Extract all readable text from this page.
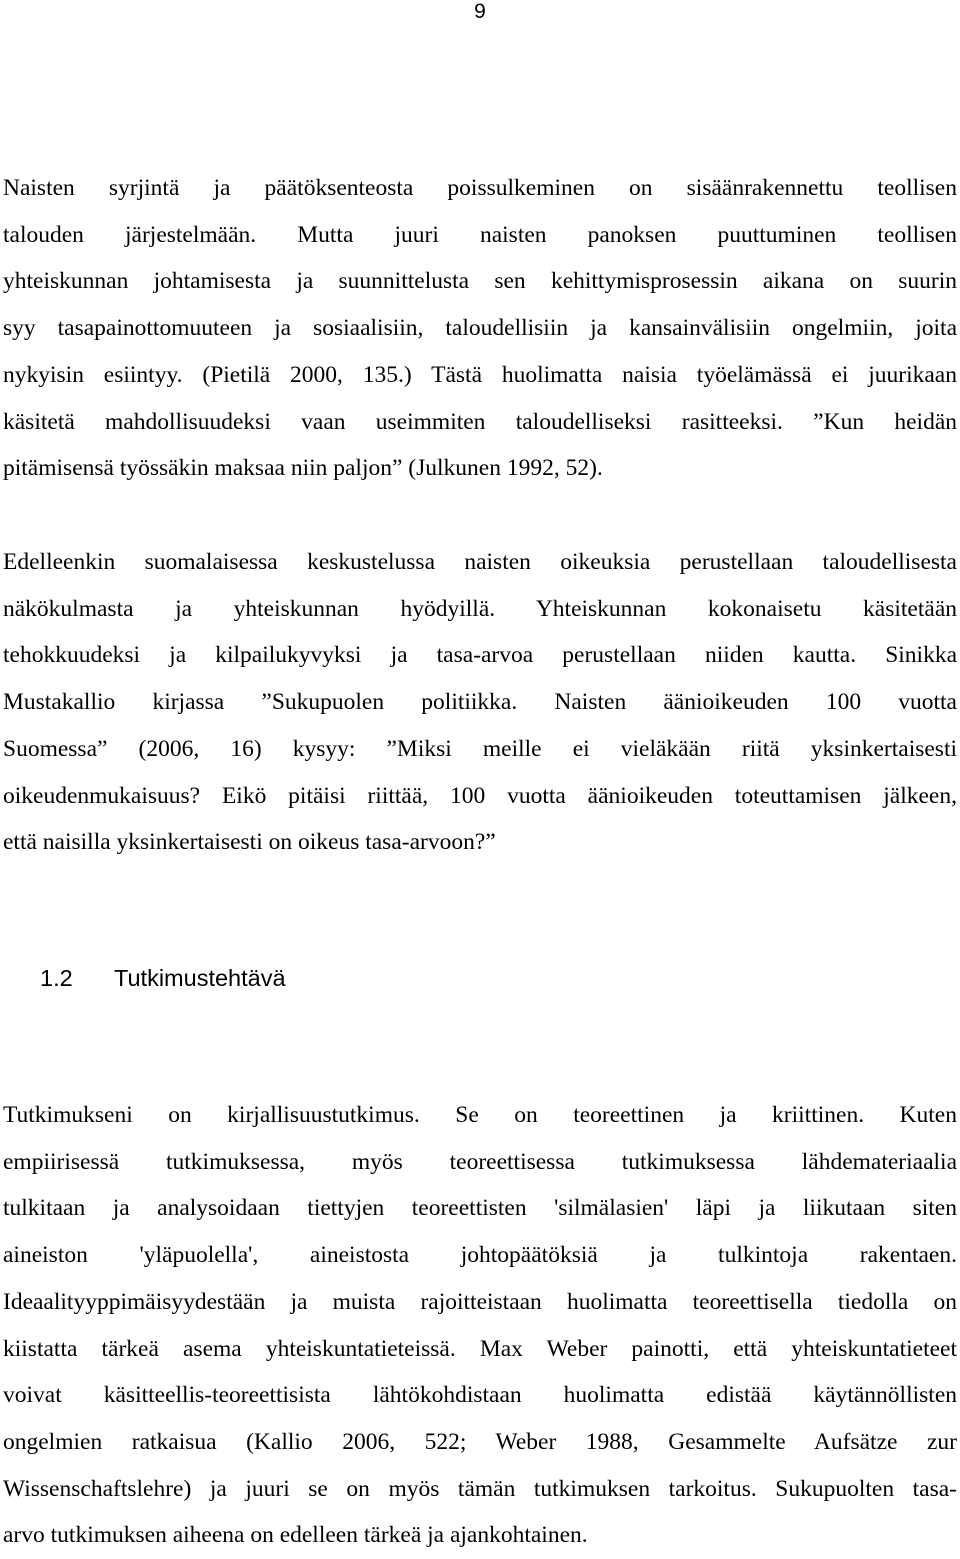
9

Naisten syrjintä ja päätöksenteosta poissulkeminen on sisäänrakennettu teollisen
talouden järjestelmään. Mutta juuri naisten panoksen puuttuminen teollisen
yhteiskunnan johtamisesta ja suunnittelusta sen kehittymisprosessin aikana on suurin
syy tasapainottomuuteen ja sosiaalisiin, taloudellisiin ja kansainvälisiin ongelmiin, joita
nykyisin esiintyy. (Pietilä 2000, 135.) Tästä huolimatta naisia työelämässä ei juurikaan
käsitetä mahdollisuudeksi vaan useimmiten taloudelliseksi rasitteeksi. ”Kun heidän
pitämisensä työssäkin maksaa niin paljon” (Julkunen 1992, 52).

Edelleenkin suomalaisessa keskustelussa naisten oikeuksia perustellaan taloudellisesta
näkökulmasta ja yhteiskunnan hyödyillä. Yhteiskunnan kokonaisetu käsitetään
tehokkuudeksi ja kilpailukyvyksi ja tasa-arvoa perustellaan niiden kautta. Sinikka
Mustakallio kirjassa ”Sukupuolen politiikka. Naisten äänioikeuden 100 vuotta
Suomessa” (2006, 16) kysyy: ”Miksi meille ei vieläkään riitä yksinkertaisesti
oikeudenmukaisuus? Eikö pitäisi riittää, 100 vuotta äänioikeuden toteuttamisen jälkeen,
että naisilla yksinkertaisesti on oikeus tasa-arvoon?”

1.2 Tutkimustehtävä

Tutkimukseni on kirjallisuustutkimus. Se on teoreettinen ja kriittinen. Kuten
empiirisessä tutkimuksessa, myös teoreettisessa tutkimuksessa lähdemateriaalia
tulkitaan ja analysoidaan tiettyjen teoreettisten 'silmälasien' läpi ja liikutaan siten
aineiston 'yläpuolella', aineistosta johtopäätöksiä ja tulkintoja rakentaen.
Ideaalityyppimäisyydestään ja muista rajoitteistaan huolimatta teoreettisella tiedolla on
kiistatta tärkeä asema yhteiskuntatieteissä. Max Weber painotti, että yhteiskuntatieteet
voivat käsitteellis-teoreettisista lähtökohdistaan huolimatta edistää käytännöllisten
ongelmien ratkaisua (Kallio 2006, 522; Weber 1988, Gesammelte Aufsätze zur
Wissenschaftslehre) ja juuri se on myös tämän tutkimuksen tarkoitus. Sukupuolten tasa-
arvo tutkimuksen aiheena on edelleen tärkeä ja ajankohtainen.
